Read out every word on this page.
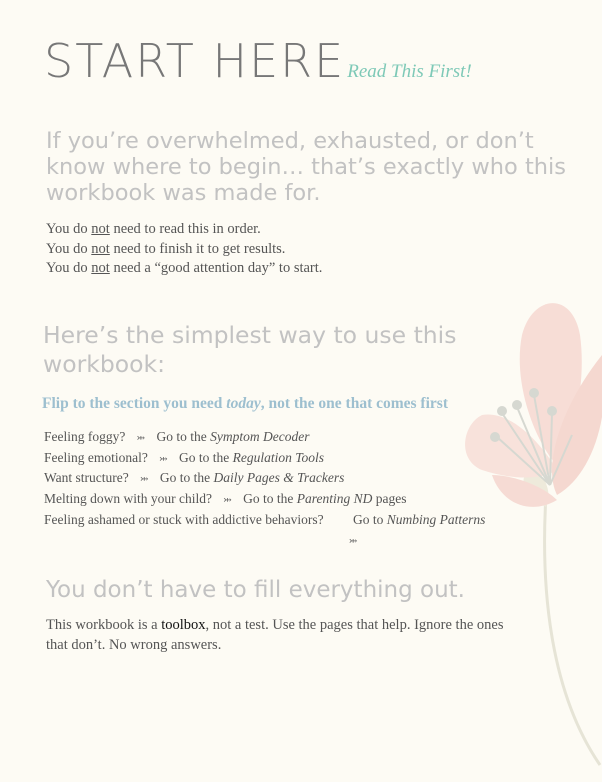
START HERE Read This First!
If you’re overwhelmed, exhausted, or don’t know where to begin… that’s exactly who this workbook was made for.
You do not need to read this in order.
You do not need to finish it to get results.
You do not need a “good attention day” to start.
Here’s the simplest way to use this workbook:
Flip to the section you need today, not the one that comes first
Feeling foggy? ⤔ Go to the Symptom Decoder
Feeling emotional? ⤔ Go to the Regulation Tools
Want structure? ⤔ Go to the Daily Pages & Trackers
Melting down with your child? ⤔ Go to the Parenting ND pages
Feeling ashamed or stuck with addictive behaviors? Go to Numbing Patterns
⤔
You don’t have to fill everything out.
This workbook is a toolbox, not a test. Use the pages that help. Ignore the ones that don’t. No wrong answers.
